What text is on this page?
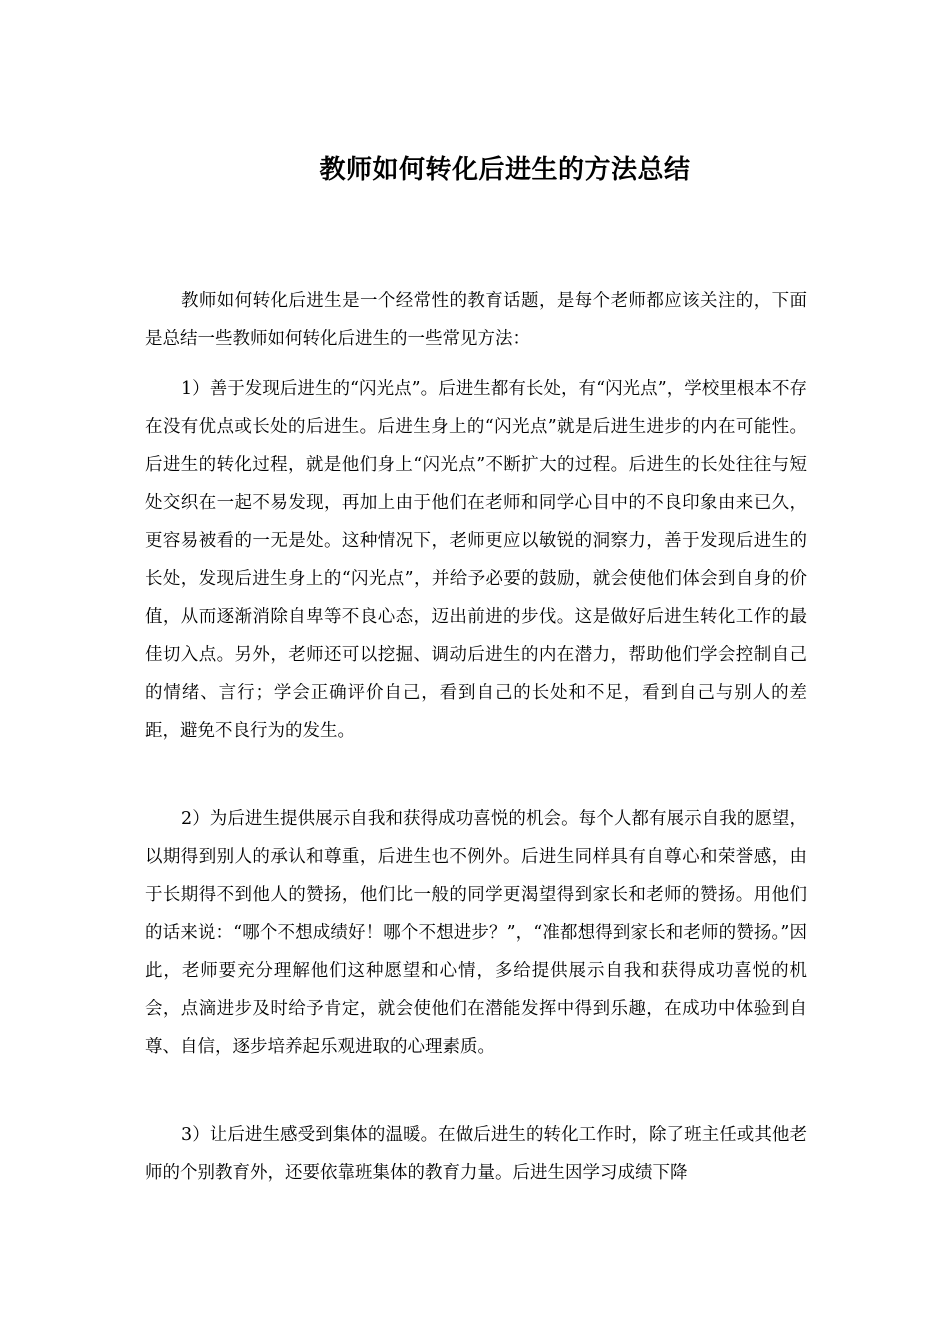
教师如何转化后进生的方法总结

教师如何转化后进生是一个经常性的教育话题，是每个老师都应该关注的，下面是总结一些教师如何转化后进生的一些常见方法：

1）善于发现后进生的“闪光点”。后进生都有长处，有“闪光点”，学校里根本不存在没有优点或长处的后进生。后进生身上的“闪光点”就是后进生进步的内在可能性。后进生的转化过程，就是他们身上“闪光点”不断扩大的过程。后进生的长处往往与短处交织在一起不易发现，再加上由于他们在老师和同学心目中的不良印象由来已久，更容易被看的一无是处。这种情况下，老师更应以敏锐的洞察力，善于发现后进生的长处，发现后进生身上的“闪光点”，并给予必要的鼓励，就会使他们体会到自身的价值，从而逐渐消除自卑等不良心态，迈出前进的步伐。这是做好后进生转化工作的最佳切入点。另外，老师还可以挖掘、调动后进生的内在潜力，帮助他们学会控制自己的情绪、言行；学会正确评价自己，看到自己的长处和不足，看到自己与别人的差距，避免不良行为的发生。

2）为后进生提供展示自我和获得成功喜悦的机会。每个人都有展示自我的愿望，以期得到别人的承认和尊重，后进生也不例外。后进生同样具有自尊心和荣誉感，由于长期得不到他人的赞扬，他们比一般的同学更渴望得到家长和老师的赞扬。用他们的话来说：“哪个不想成绩好！哪个不想进步？”，“准都想得到家长和老师的赞扬。”因此，老师要充分理解他们这种愿望和心情，多给提供展示自我和获得成功喜悦的机会，点滴进步及时给予肯定，就会使他们在潜能发挥中得到乐趣，在成功中体验到自尊、自信，逐步培养起乐观进取的心理素质。

3）让后进生感受到集体的温暖。在做后进生的转化工作时，除了班主任或其他老师的个别教育外，还要依靠班集体的教育力量。后进生因学习成绩下降
